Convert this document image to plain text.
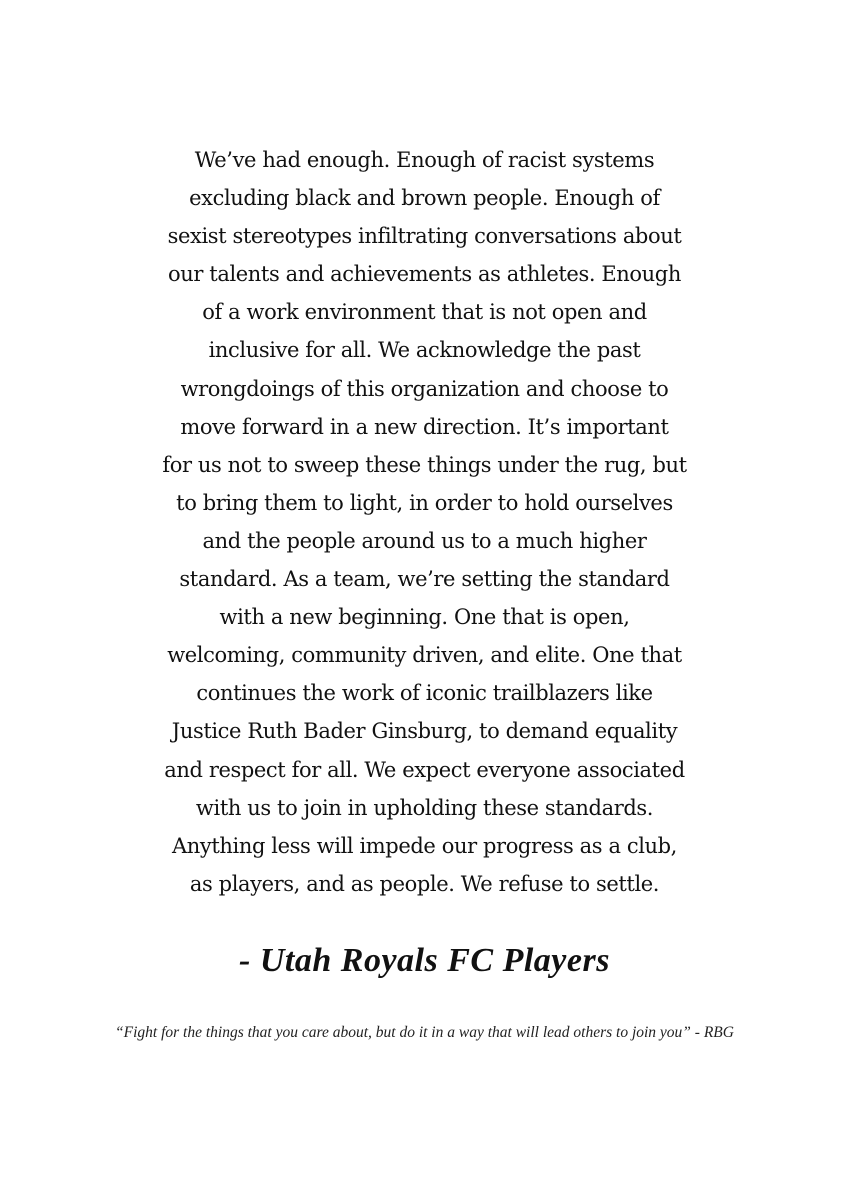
We’ve had enough. Enough of racist systems
excluding black and brown people. Enough of
sexist stereotypes infiltrating conversations about
our talents and achievements as athletes. Enough
of a work environment that is not open and
inclusive for all. We acknowledge the past
wrongdoings of this organization and choose to
move forward in a new direction. It’s important
for us not to sweep these things under the rug, but
to bring them to light, in order to hold ourselves
and the people around us to a much higher
standard. As a team, we’re setting the standard
with a new beginning. One that is open,
welcoming, community driven, and elite. One that
continues the work of iconic trailblazers like
Justice Ruth Bader Ginsburg, to demand equality
and respect for all. We expect everyone associated
with us to join in upholding these standards.
Anything less will impede our progress as a club,
as players, and as people. We refuse to settle.
- Utah Royals FC Players
“Fight for the things that you care about, but do it in a way that will lead others to join you” - RBG
